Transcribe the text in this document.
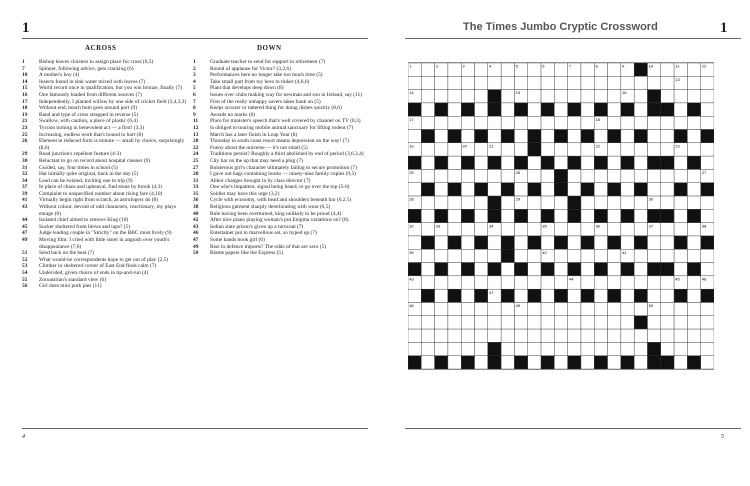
1
ACROSS	DOWN
1	Bishop leaves cloisters to assign place for cross (6,5)
7	Spinner, following advice, gets cracking (6)
10	A mother's boy (4)
14	Insects found in sink water mixed with leaves (7)
15	World record once in qualification, but you win bronze, finally (7)
16	One famously loaded from different sources (7)
17	Independently, I planted willow by one side of cricket field (3,4,3,3)
18	Without end, beach bum goes around port (9)
19	Band and type of cross strapped in reverse (5)
21	Swallow, with caution, a piece of plastic (6,4)
23	Tycoon turning in benevolent act — a first! (3,3)
25	Increasing, endless work that's bound to hurt (8)
26	Element in reduced form is minute — small by choice, surprisingly (8,6)
29	Road junction's repellent feature (4-3)
30	Reluctant to go on record about hospital cleaner (9)
31	Guided, say, four times in school (5)
32	Hat initially quite original, back in the day (5)
34	Lead can be twisted, inviting one to trip (9)
37	In place of chaos and upheaval, find stone by brook (4,3)
39	Complaint to unspecified number about rising fare (4,10)
41	Virtually begin right from scratch, as astrologers do (8)
43	Without colour, devoid of odd characters, reactionary, my plays enrage (6)
44	Isolated chief aimed to remove King (10)
45	Sucker sheltered from blows and taps? (5)
47	Judge leading couple in "Strictly" on the BBC most lively (9)
49	Moving film: I cried with little sister in anguish over youth's disappearance (7,6)
51	Send back on the beat (7)
52	What would-be correspondents hope to get out of play (2,5)
53	Climber in sheltered corner of East End finds calm (7)
54	Undecided, given choice of ends in tip-and-run (4)
55	Zoroastrian's standard view (6)
56	Girl does mini pork pies (11)
1	Graduate teacher to send for support in retirement (7)
2	Round of applause for Victor? (3,2,6)
3	Performances here no longer take too much time (5)
4	Take small part from toy hero to tinker (4,6,6)
5	Plant that develops deep down (8)
6	Issues over clubs making way for newman and son in Ireland, say (11)
7	First of the really unhappy savers takes bank on (5)
8	Keeps scourer or tattered thing for doing dishes quickly (8,6)
9	Awards no marks (6)
11	Place for minister's speech that's well covered by channel on TV (8,3)
12	Is obliged to touring mobile animal sanctuary for lifting rodent (7)
13	March has a later finish in Leap Year (8)
20	Thursday in south coast resort means depression on the way! (7)
22	Funny about the universe — it's not small (5)
24	Traditions persist? Roughly a third abolished by end of period (3,6,3,4)
25	City bar on the up that may need a plug (7)
27	Boisterous girl's character ultimately failing to secure promotion (7)
28	I gave out bags containing books — ninety-nine family copies (9,5)
31	Abhor changes brought in by class director (7)
33	One who's impatient, signal being heard, to go over the top (5-6)
35	Soldier may have this urge (3,2)
36	Cycle with economy, with head and shoulders beneath bar (6,2,5)
38	Religious garment sharply deteriorating with wear (6,5)
40	Rule having been overturned, king unlikely to be proud (4,4)
42	After nice piano playing woman's put Enigma variations on? (8)
43	Indian state prison's given up a turncoat (7)
46	Entertainer put in marvellous set, so hyped up (7)
47	Some hands book girl (6)
49	Rise in defence imports? The odds of that are zero (5)
50	Blame papers like the Express (5)
4
The Times Jumbo Cryptic Crossword	1
5
1	2	3	4	5	6	7	8	9	10	11	12
13
14	15	16
17	18
19	20	21	22	23
24
25	26	27
28	29	30
31
32	33	34	35	36	37	38
39	40	41
42
43	44	45	46
47
48	49	50
